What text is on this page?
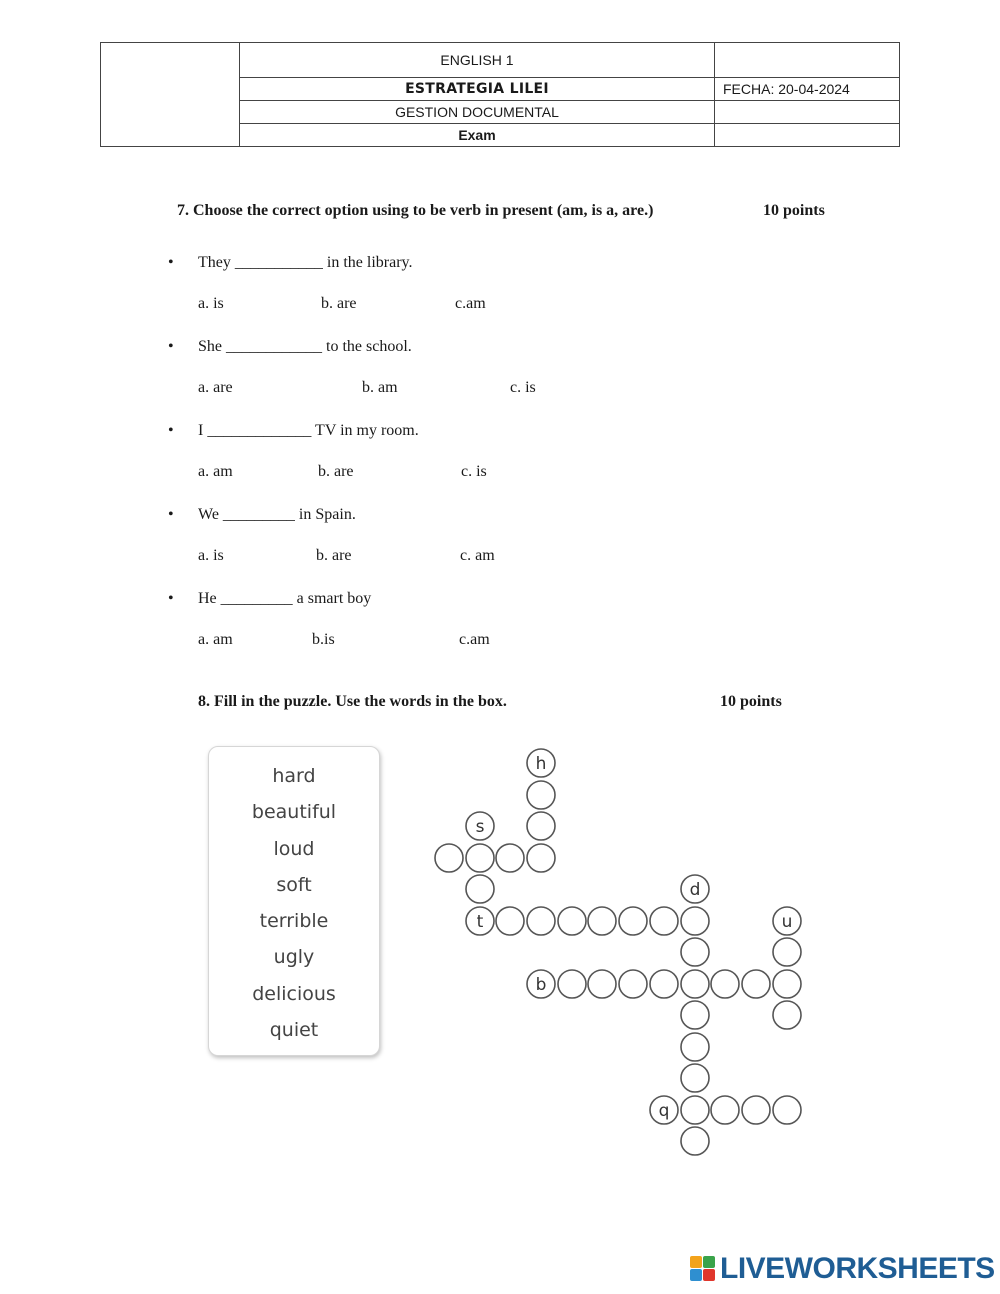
	ENGLISH 1	
	ESTRATEGIA LILEI	FECHA: 20-04-2024
	GESTION DOCUMENTAL	
	Exam	
7. Choose the correct option using to be verb in present (am, is a, are.)	10 points
• They ___________ in the library.
a. is	b. are	c.am
• She ____________ to the school.
a. are	b. am	c. is
• I _____________ TV in my room.
a. am	b. are	c. is
• We _________ in Spain.
a. is	b. are	c. am
• He _________ a smart boy
a. am	b.is	c.am
8. Fill in the puzzle. Use the words in the box.	10 points
hard
beautiful
loud
soft
terrible
ugly
delicious
quiet
h
s
d
t	u
b
q
LIVEWORKSHEETS
